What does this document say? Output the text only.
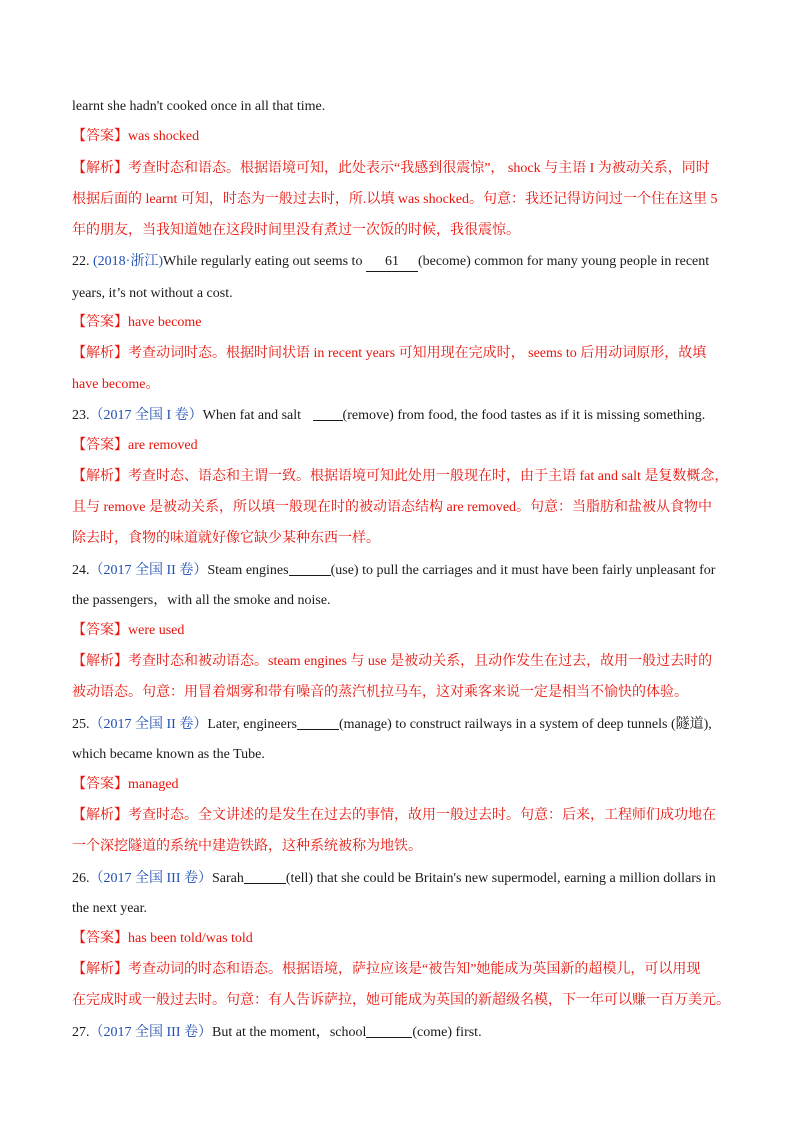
learnt she hadn't cooked once in all that time.
【答案】was shocked
【解析】考查时态和语态。根据语境可知，此处表示“我感到很震惊”， shock 与主语 I 为被动关系，同时
根据后面的 learnt 可知，时态为一般过去时，所.以填 was shocked。句意：我还记得访问过一个住在这里 5
年的朋友，当我知道她在这段时间里没有煮过一次饭的时候，我很震惊。
22. (2018·浙江)While regularly eating out seems to 61 (become) common for many young people in recent
years, it’s not without a cost.
【答案】have become
【解析】考查动词时态。根据时间状语 in recent years 可知用现在完成时， seems to 后用动词原形，故填
have become。
23.（2017 全国 I 卷）When fat and salt	(remove) from food, the food tastes as if it is missing something.
【答案】are removed
【解析】考查时态、语态和主谓一致。根据语境可知此处用一般现在时，由于主语 fat and salt 是复数概念，
且与 remove 是被动关系，所以填一般现在时的被动语态结构 are removed。句意：当脂肪和盐被从食物中
除去时，食物的味道就好像它缺少某种东西一样。
24.（2017 全国 II 卷）Steam engines	(use) to pull the carriages and it must have been fairly unpleasant for
the passengers，with all the smoke and noise.
【答案】were used
【解析】考查时态和被动语态。steam engines 与 use 是被动关系，且动作发生在过去，故用一般过去时的
被动语态。句意：用冒着烟雾和带有噪音的蒸汽机拉马车，这对乘客来说一定是相当不愉快的体验。
25.（2017 全国 II 卷）Later, engineers	(manage) to construct railways in a system of deep tunnels (隧道),
which became known as the Tube.
【答案】managed
【解析】考查时态。全文讲述的是发生在过去的事情，故用一般过去时。句意：后来，工程师们成功地在
一个深挖隧道的系统中建造铁路，这种系统被称为地铁。
26.（2017 全国 III 卷）Sarah	(tell) that she could be Britain's new supermodel, earning a million dollars in
the next year.
【答案】has been told/was told
【解析】考查动词的时态和语态。根据语境，萨拉应该是“被告知”她能成为英国新的超模儿，可以用现
在完成时或一般过去时。句意：有人告诉萨拉，她可能成为英国的新超级名模，下一年可以赚一百万美元。
27.（2017 全国 III 卷）But at the moment，school	(come) first.
